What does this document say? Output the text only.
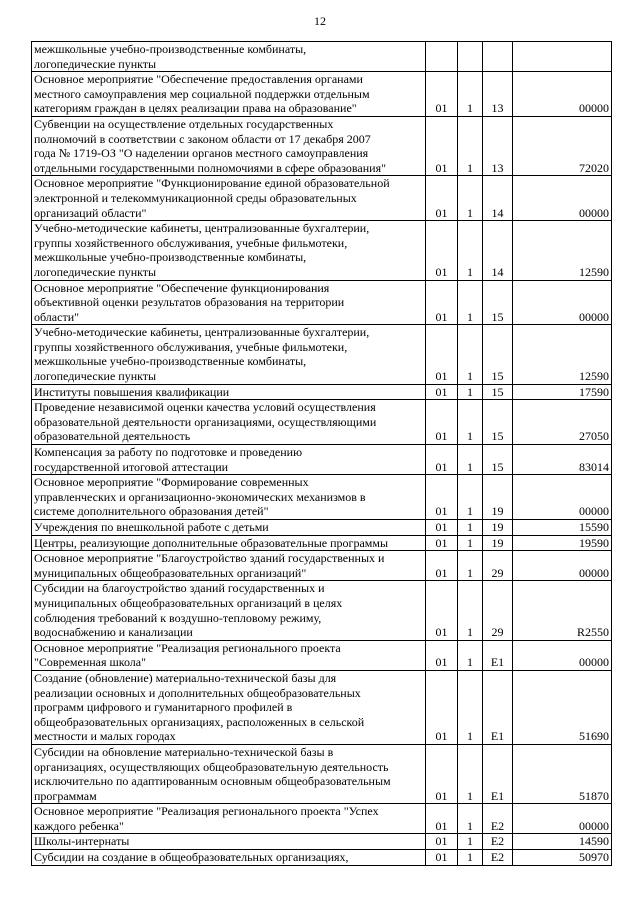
12
межшкольные учебно-производственные комбинаты,
логопедические пункты				
Основное мероприятие "Обеспечение предоставления органами
местного самоуправления мер социальной поддержки отдельным
категориям граждан в целях реализации права на образование"	01	1	13	00000
Субвенции на осуществление отдельных государственных
полномочий в соответствии с законом области от 17 декабря 2007
года № 1719-ОЗ "О наделении органов местного самоуправления
отдельными государственными полномочиями в сфере образования"	01	1	13	72020
Основное мероприятие "Функционирование единой образовательной
электронной и телекоммуникационной среды образовательных
организаций области"	01	1	14	00000
Учебно-методические кабинеты, централизованные бухгалтерии,
группы хозяйственного обслуживания, учебные фильмотеки,
межшкольные учебно-производственные комбинаты,
логопедические пункты	01	1	14	12590
Основное мероприятие "Обеспечение функционирования
объективной оценки результатов образования на территории
области"	01	1	15	00000
Учебно-методические кабинеты, централизованные бухгалтерии,
группы хозяйственного обслуживания, учебные фильмотеки,
межшкольные учебно-производственные комбинаты,
логопедические пункты	01	1	15	12590
Институты повышения квалификации	01	1	15	17590
Проведение независимой оценки качества условий осуществления
образовательной деятельности организациями, осуществляющими
образовательной деятельность	01	1	15	27050
Компенсация за работу по подготовке и проведению
государственной итоговой аттестации	01	1	15	83014
Основное мероприятие "Формирование современных
управленческих и организационно-экономических механизмов в
системе дополнительного образования детей"	01	1	19	00000
Учреждения по внешкольной работе с детьми	01	1	19	15590
Центры, реализующие дополнительные образовательные программы	01	1	19	19590
Основное мероприятие "Благоустройство зданий государственных и
муниципальных общеобразовательных организаций"	01	1	29	00000
Субсидии на благоустройство зданий государственных и
муниципальных общеобразовательных организаций в целях
соблюдения требований к воздушно-тепловому режиму,
водоснабжению и канализации	01	1	29	R2550
Основное мероприятие "Реализация регионального проекта
"Современная школа"	01	1	E1	00000
Создание (обновление) материально-технической базы для
реализации основных и дополнительных общеобразовательных
программ цифрового и гуманитарного профилей в
общеобразовательных организациях, расположенных в сельской
местности и малых городах	01	1	E1	51690
Субсидии на обновление материально-технической базы в
организациях, осуществляющих общеобразовательную деятельность
исключительно по адаптированным основным общеобразовательным
программам	01	1	E1	51870
Основное мероприятие "Реализация регионального проекта "Успех
каждого ребенка"	01	1	E2	00000
Школы-интернаты	01	1	E2	14590
Субсидии на создание в общеобразовательных организациях,	01	1	E2	50970
